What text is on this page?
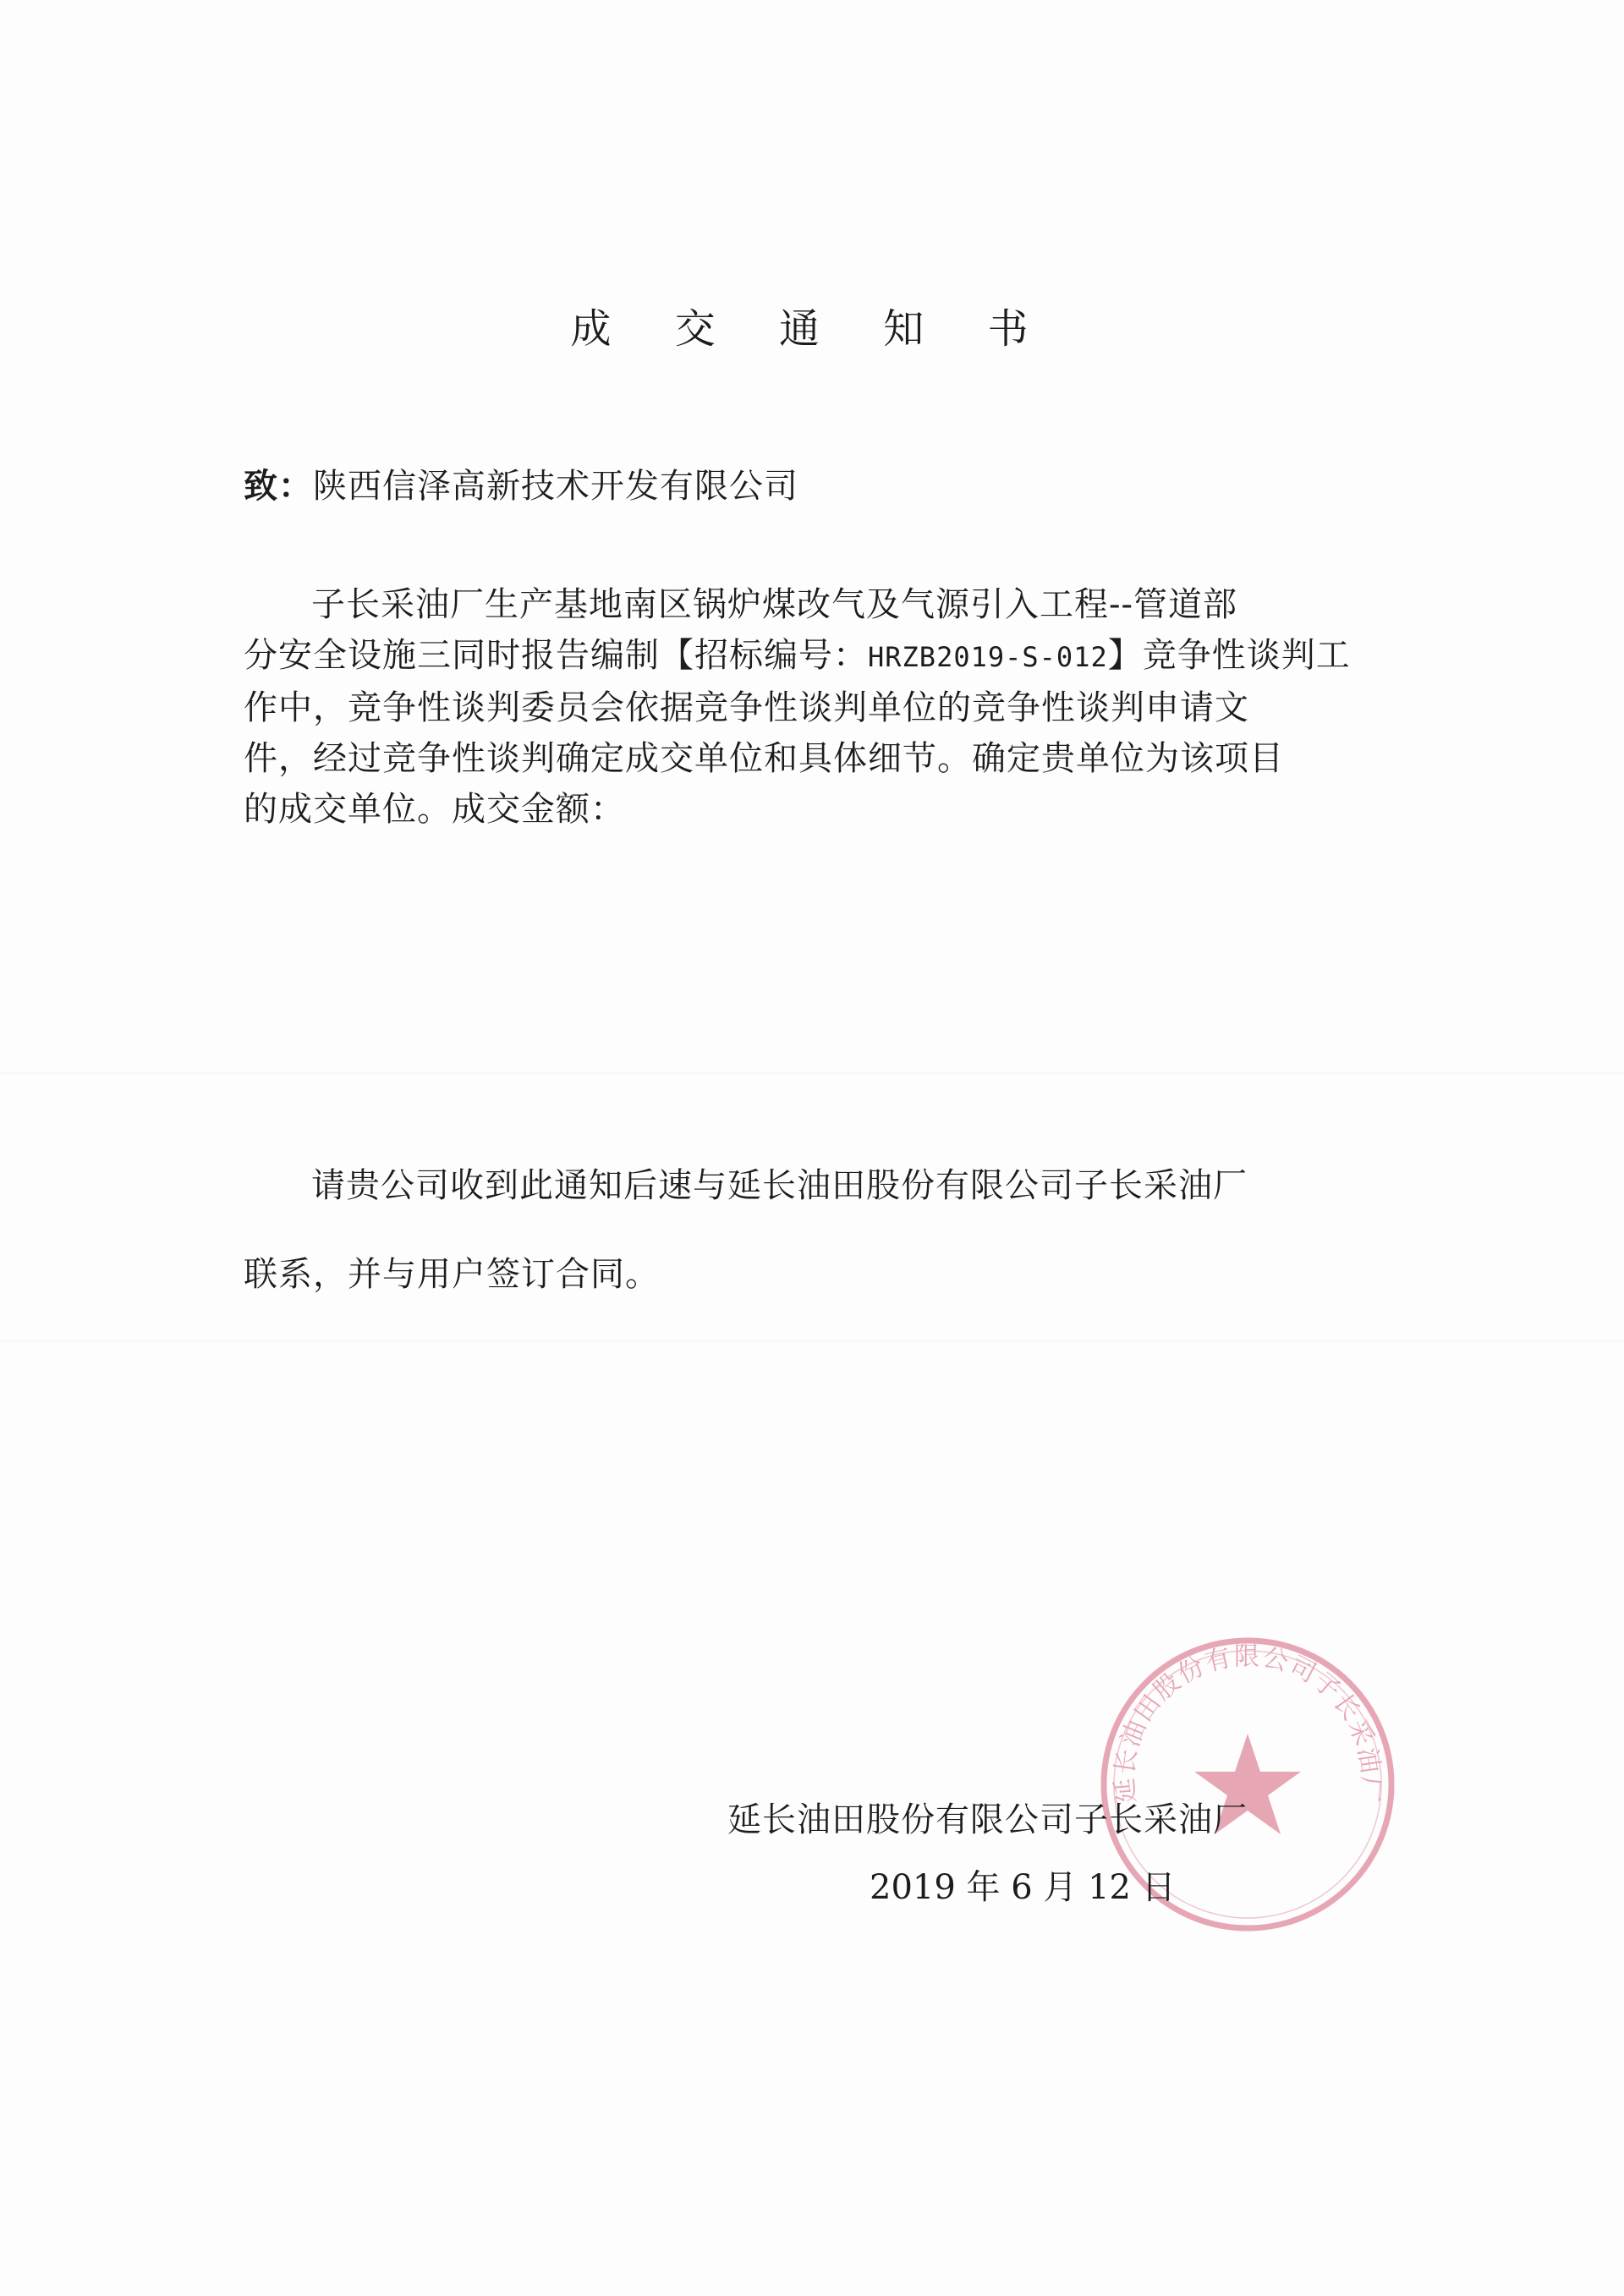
成 交 通 知 书
致：陕西信泽高新技术开发有限公司
子长采油厂生产基地南区锅炉煤改气及气源引入工程--管道部
分安全设施三同时报告编制【招标编号：HRZB2019-S-012】竞争性谈判工
作中，竞争性谈判委员会依据竞争性谈判单位的竞争性谈判申请文
件，经过竞争性谈判确定成交单位和具体细节。确定贵单位为该项目
的成交单位。成交金额：
请贵公司收到此通知后速与延长油田股份有限公司子长采油厂
联系，并与用户签订合同。
延长油田股份有限公司子长采油厂
延长油田股份有限公司子长采油厂
2019 年 6 月 12 日
